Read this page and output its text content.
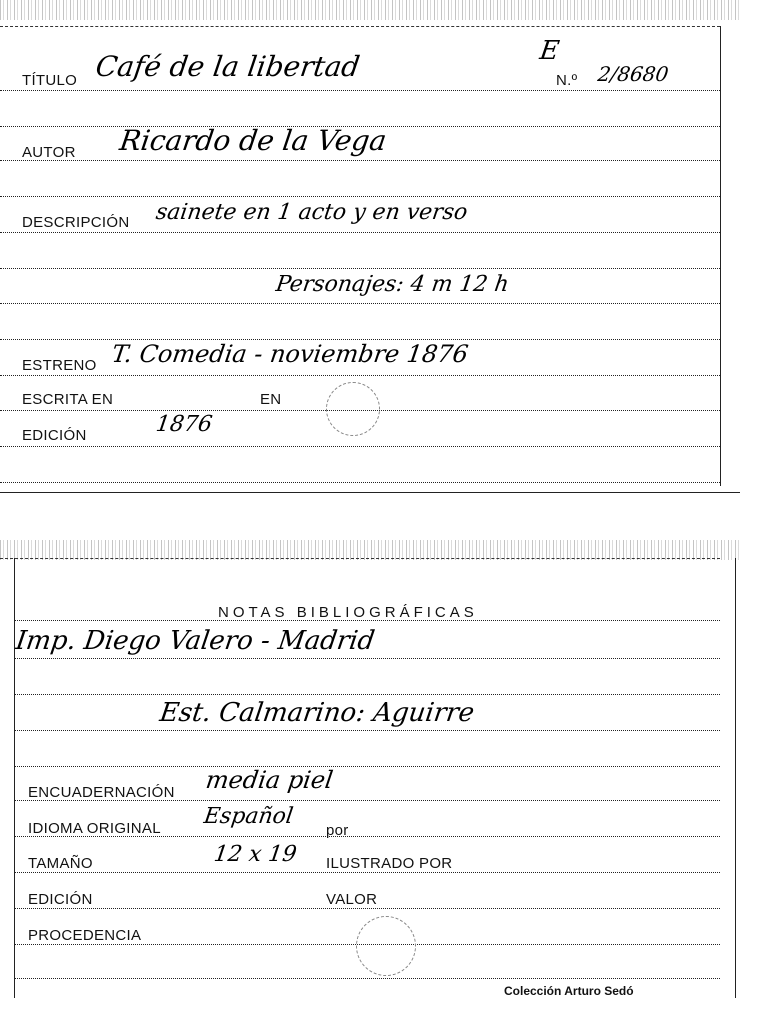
TÍTULO Café de la libertad	E
N.º 2/8680
AUTOR Ricardo de la Vega
DESCRIPCIÓN sainete en 1 acto y en verso
Personajes: 4 m 12 h
ESTRENO T. Comedia - noviembre 1876
ESCRITA EN	EN
EDICIÓN	1876
NOTAS BIBLIOGRÁFICAS
Imp. Diego Valero - Madrid
Est. Calmarino: Aguirre
ENCUADERNACIÓN media piel
IDIOMA ORIGINAL Español
por
TAMAÑO	12 x 19 ILUSTRADO POR
EDICIÓN	VALOR
PROCEDENCIA
Colección Arturo Sedó
